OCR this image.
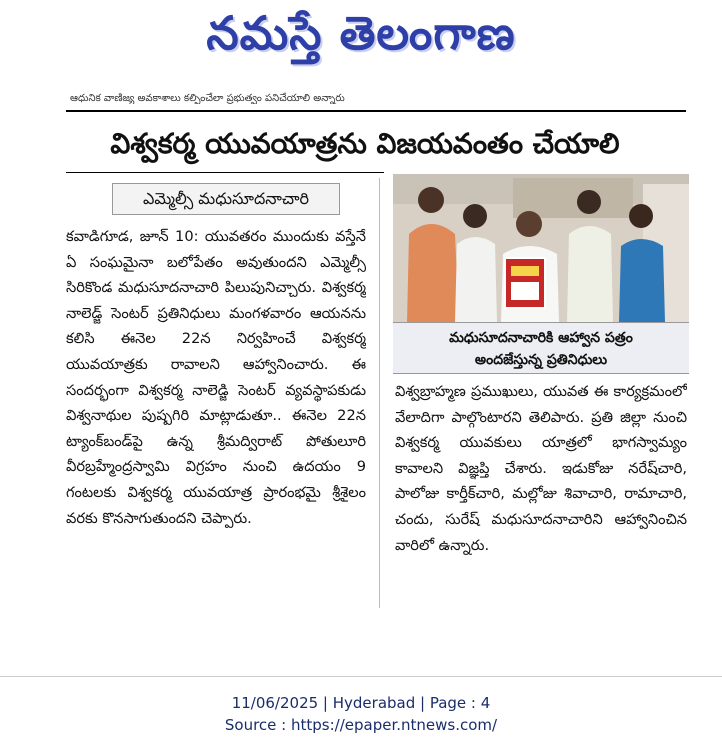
నమస్తే తెలంగాణ
ఆధునిక వాణిజ్య అవకాశాలు కల్పించేలా ప్రభుత్వం పనిచేయాలి అన్నారు
విశ్వకర్మ యువయాత్రను విజయవంతం చేయాలి
ఎమ్మెల్సీ మధుసూదనాచారి
కవాడిగూడ, జూన్ 10: యువతరం ముందుకు వస్తేనే ఏ సంఘమైనా బలోపేతం అవుతుందని ఎమ్మెల్సీ సిరికొండ మధుసూదనాచారి పిలుపునిచ్చారు. విశ్వకర్మ నాలెడ్జ్ సెంటర్ ప్రతినిధులు మంగళవారం ఆయనను కలిసి ఈనెల 22న నిర్వహించే విశ్వకర్మ యువయాత్రకు రావాలని ఆహ్వానించారు. ఈ సందర్భంగా విశ్వకర్మ నాలెడ్జి సెంటర్ వ్యవస్థాపకుడు విశ్వనాథుల పుష్పగిరి మాట్లాడుతూ.. ఈనెల 22న ట్యాంక్‌బండ్‌పై ఉన్న శ్రీమద్విరాట్ పోతులూరి వీరబ్రహ్మేంద్రస్వామి విగ్రహం నుంచి ఉదయం 9 గంటలకు విశ్వకర్మ యువయాత్ర ప్రారంభమై శ్రీశైలం వరకు కొనసాగుతుందని చెప్పారు.
మధుసూదనాచారికి ఆహ్వాన పత్రం
అందజేస్తున్న ప్రతినిధులు
విశ్వబ్రాహ్మణ ప్రముఖులు, యువత ఈ కార్యక్రమంలో వేలాదిగా పాల్గొంటారని తెలిపారు. ప్రతి జిల్లా నుంచి విశ్వకర్మ యువకులు యాత్రలో భాగస్వామ్యం కావాలని విజ్ఞప్తి చేశారు. ఇడుకోజు నరేష్‌చారి, పాలోజు కార్తీక్‌చారి, మల్లోజు శివాచారి, రామాచారి, చందు, సురేష్ మధుసూదనాచారిని ఆహ్వానించిన వారిలో ఉన్నారు.
11/06/2025 | Hyderabad | Page : 4
Source : https://epaper.ntnews.com/
